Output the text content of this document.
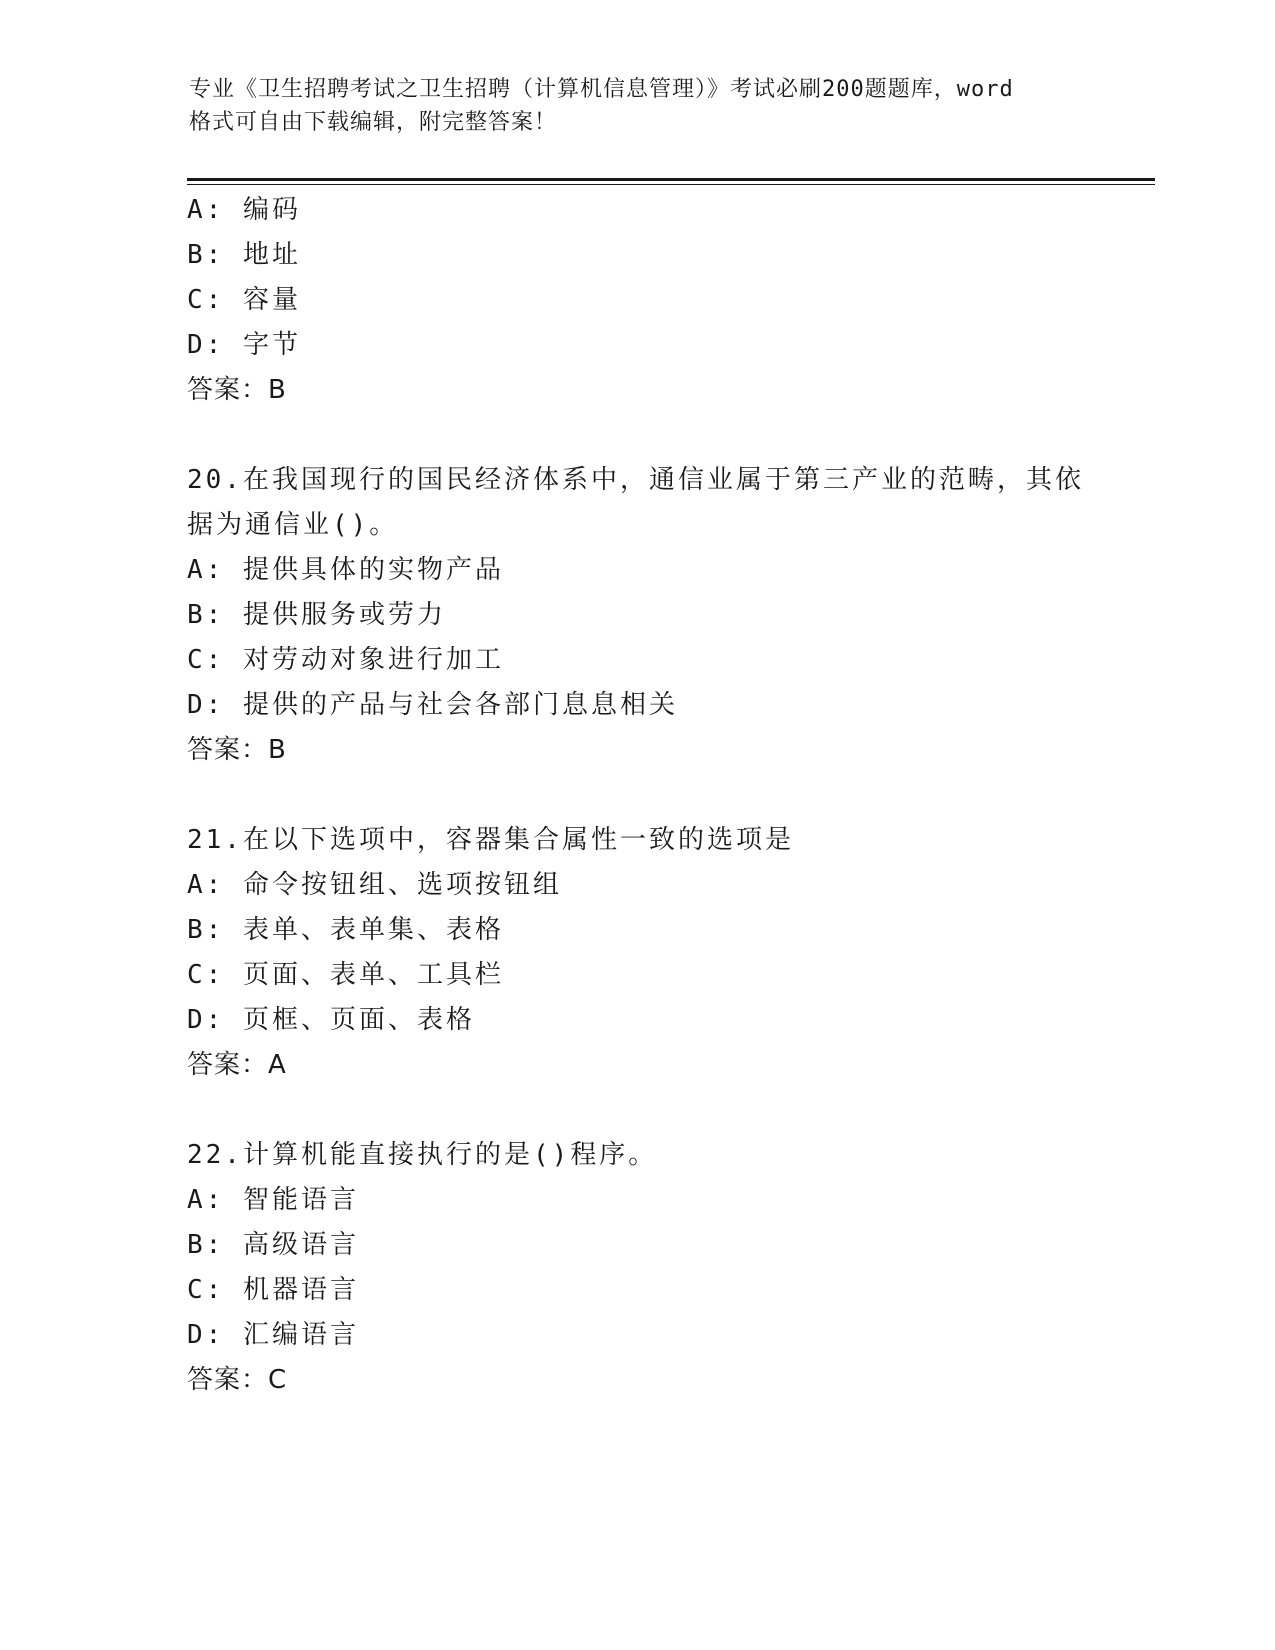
专业《卫生招聘考试之卫生招聘（计算机信息管理）》考试必刷200题题库，word
格式可自由下载编辑，附完整答案！
A: 编码
B: 地址
C: 容量
D: 字节
答案：B
20.在我国现行的国民经济体系中，通信业属于第三产业的范畴，其依
据为通信业()。
A: 提供具体的实物产品
B: 提供服务或劳力
C: 对劳动对象进行加工
D: 提供的产品与社会各部门息息相关
答案：B
21.在以下选项中，容器集合属性一致的选项是
A: 命令按钮组、选项按钮组
B: 表单、表单集、表格
C: 页面、表单、工具栏
D: 页框、页面、表格
答案：A
22.计算机能直接执行的是()程序。
A: 智能语言
B: 高级语言
C: 机器语言
D: 汇编语言
答案：C
